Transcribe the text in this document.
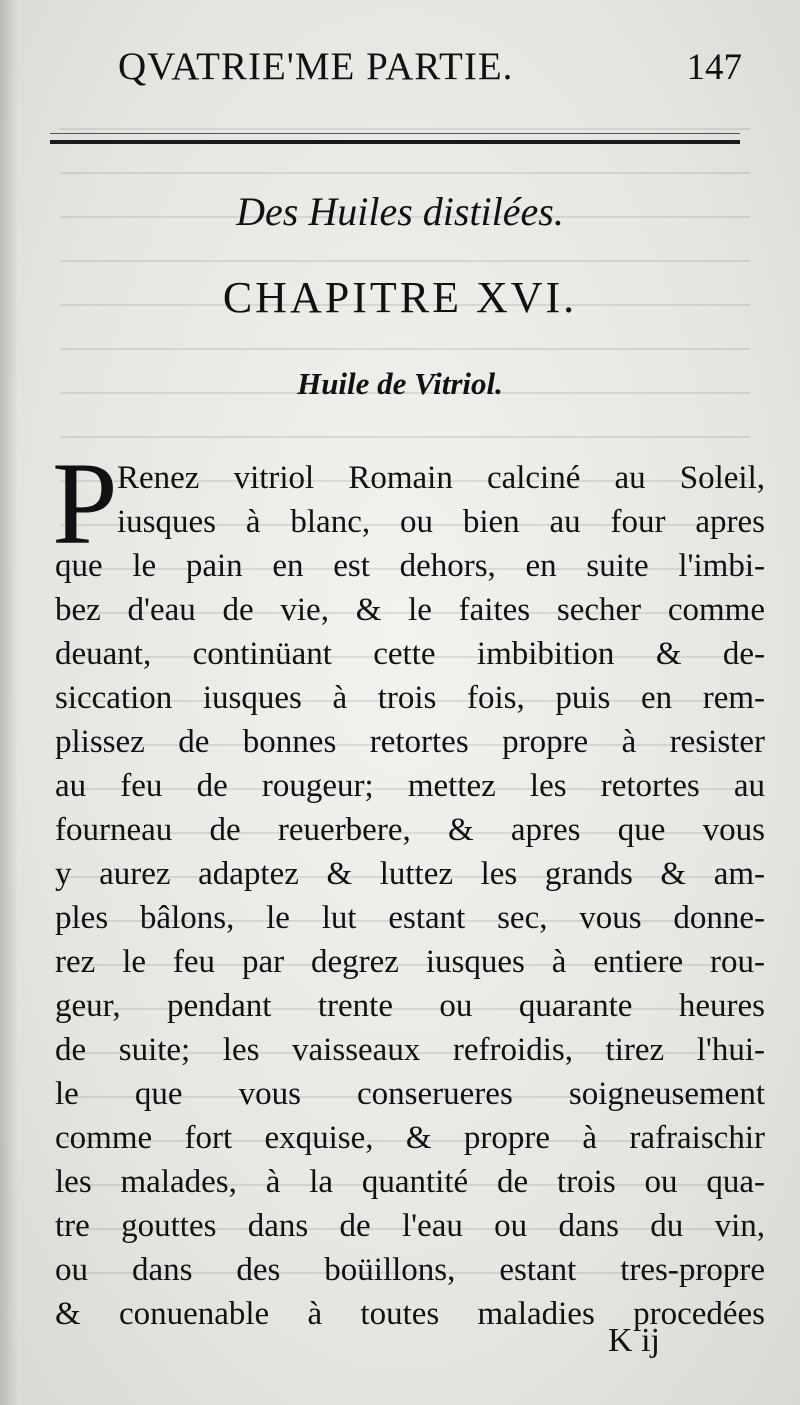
QVATRIE'ME PARTIE.	147
Des Huiles distilées.
CHAPITRE XVI.
Huile de Vitriol.
P Renez vitriol Romain calciné au Soleil,
iusques à blanc, ou bien au four apres
que le pain en est dehors, en suite l'imbi-
bez d'eau de vie, & le faites secher comme
deuant, continüant cette imbibition & de-
siccation iusques à trois fois, puis en rem-
plissez de bonnes retortes propre à resister
au feu de rougeur; mettez les retortes au
fourneau de reuerbere, & apres que vous
y aurez adaptez & luttez les grands & am-
ples bâlons, le lut estant sec, vous donne-
rez le feu par degrez iusques à entiere rou-
geur, pendant trente ou quarante heures
de suite; les vaisseaux refroidis, tirez l'hui-
le que vous conserueres soigneusement
comme fort exquise, & propre à rafraischir
les malades, à la quantité de trois ou qua-
tre gouttes dans de l'eau ou dans du vin,
ou dans des boüillons, estant tres-propre
& conuenable à toutes maladies procedées
K ij
